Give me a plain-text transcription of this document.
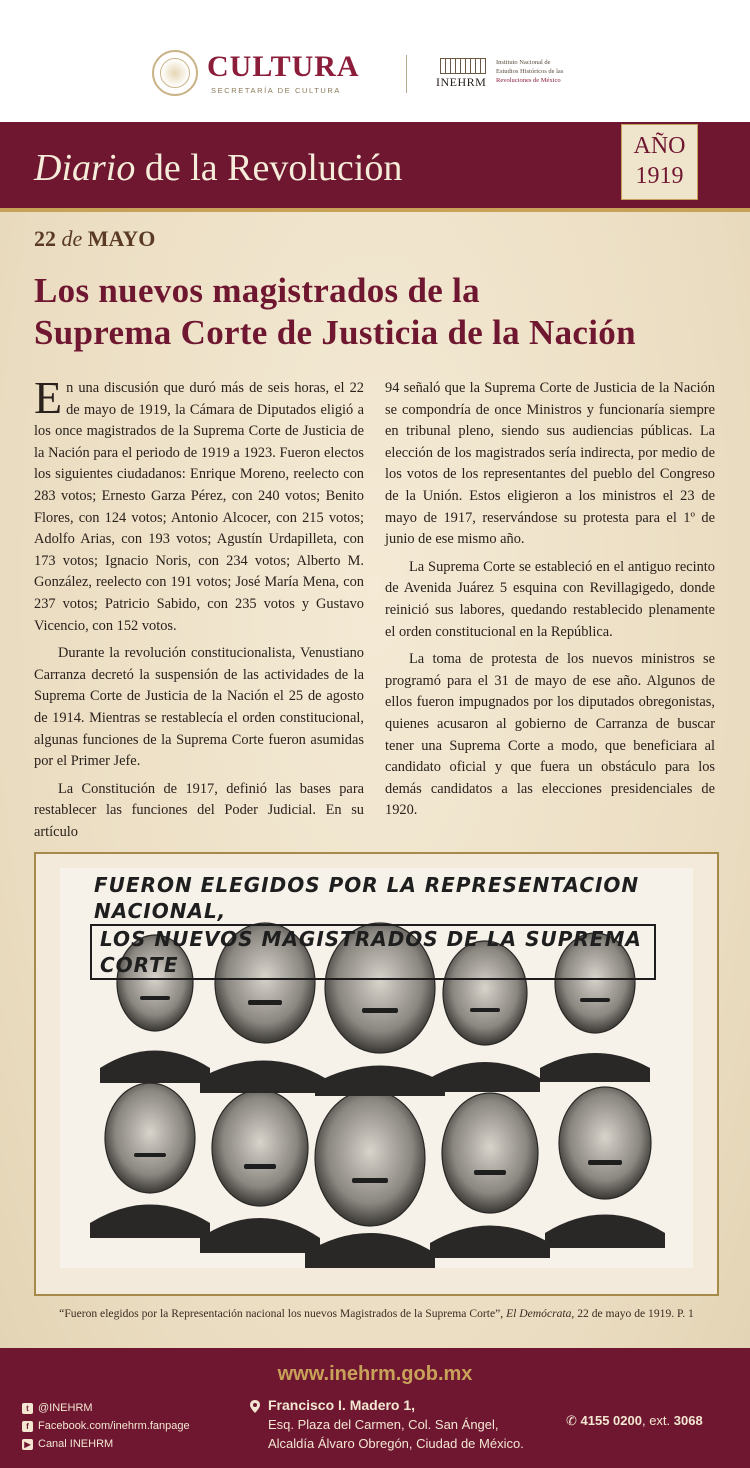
CULTURA
SECRETARÍA DE CULTURA
INEHRM
Instituto Nacional de
Estudios Históricos de las
Revoluciones de México
Diario de la Revolución
AÑO
1919
22 de MAYO
Los nuevos magistrados de la
Suprema Corte de Justicia de la Nación

En una discusión que duró más de seis horas, el 22 de mayo de 1919, la Cámara de Diputados eligió a los once magistrados de la Suprema Corte de Justicia de la Nación para el periodo de 1919 a 1923. Fueron electos los siguientes ciudadanos: Enrique Moreno, reelecto con 283 votos; Ernesto Garza Pérez, con 240 votos; Benito Flores, con 124 votos; Antonio Alcocer, con 215 votos; Adolfo Arias, con 193 votos; Agustín Urdapilleta, con 173 votos; Ignacio Noris, con 234 votos; Alberto M. González, reelecto con 191 votos; José María Mena, con 237 votos; Patricio Sabido, con 235 votos y Gustavo Vicencio, con 152 votos.

Durante la revolución constitucionalista, Venustiano Carranza decretó la suspensión de las actividades de la Suprema Corte de Justicia de la Nación el 25 de agosto de 1914. Mientras se restablecía el orden constitucional, algunas funciones de la Suprema Corte fueron asumidas por el Primer Jefe.

La Constitución de 1917, definió las bases para restablecer las funciones del Poder Judicial. En su artículo

94 señaló que la Suprema Corte de Justicia de la Nación se compondría de once Ministros y funcionaría siempre en tribunal pleno, siendo sus audiencias públicas. La elección de los magistrados sería indirecta, por medio de los votos de los representantes del pueblo del Congreso de la Unión. Estos eligieron a los ministros el 23 de mayo de 1917, reservándose su protesta para el 1º de junio de ese mismo año.

La Suprema Corte se estableció en el antiguo recinto de Avenida Juárez 5 esquina con Revillagigedo, donde reinició sus labores, quedando restablecido plenamente el orden constitucional en la República.

La toma de protesta de los nuevos ministros se programó para el 31 de mayo de ese año. Algunos de ellos fueron impugnados por los diputados obregonistas, quienes acusaron al gobierno de Carranza de buscar tener una Suprema Corte a modo, que beneficiara al candidato oficial y que fuera un obstáculo para los demás candidatos a las elecciones presidenciales de 1920.

FUERON ELEGIDOS POR LA REPRESENTACION NACIONAL, LOS NUEVOS MAGISTRADOS DE LA SUPREMA CORTE
“Fueron elegidos por la Representación nacional los nuevos Magistrados de la Suprema Corte”, El Demócrata, 22 de mayo de 1919. P. 1
www.inehrm.gob.mx
t @INEHRM
f Facebook.com/inehrm.fanpage
▶ Canal INEHRM
Francisco I. Madero 1,
Esq. Plaza del Carmen, Col. San Ángel,
Alcaldía Álvaro Obregón, Ciudad de México.
✆ 4155 0200, ext. 3068
